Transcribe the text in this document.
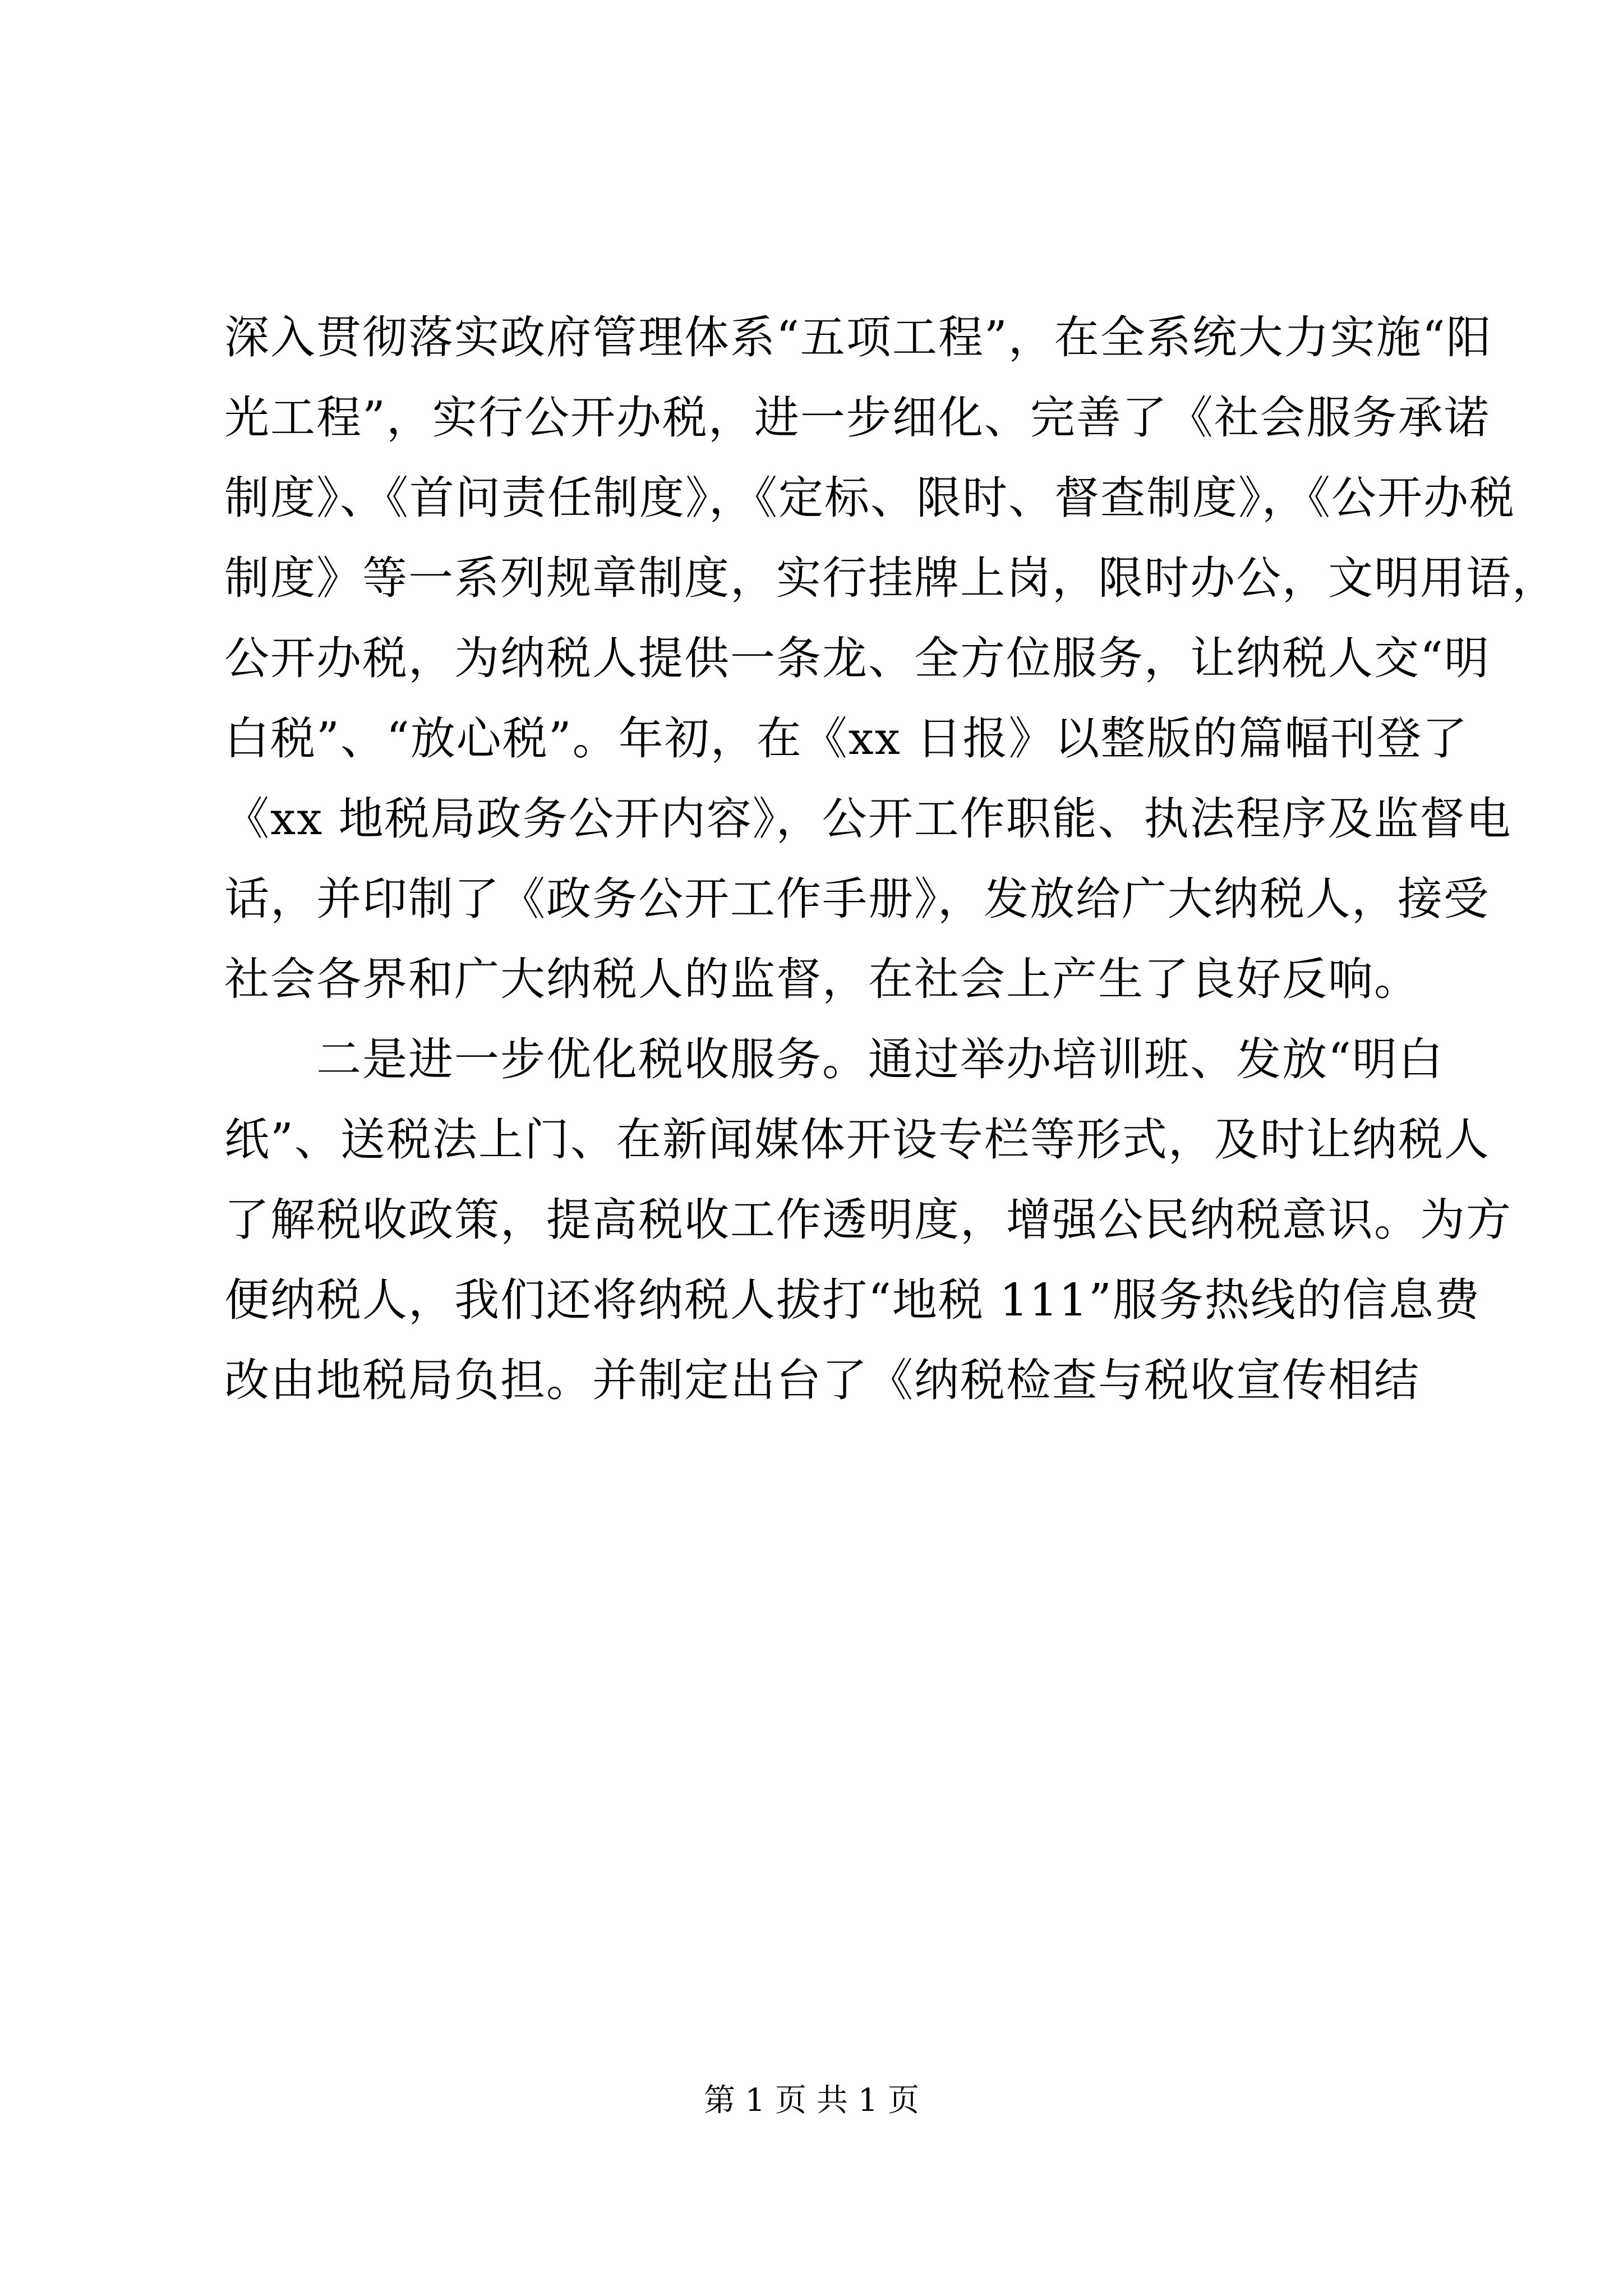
深入贯彻落实政府管理体系“五项工程”，在全系统大力实施“阳
光工程”，实行公开办税，进一步细化、完善了《社会服务承诺
制度》、《首问责任制度》，《定标、限时、督查制度》，《公开办税
制度》等一系列规章制度，实行挂牌上岗，限时办公，文明用语，
公开办税，为纳税人提供一条龙、全方位服务，让纳税人交“明
白税”、“放心税”。年初，在《xx 日报》以整版的篇幅刊登了
《xx 地税局政务公开内容》，公开工作职能、执法程序及监督电
话，并印制了《政务公开工作手册》，发放给广大纳税人，接受
社会各界和广大纳税人的监督，在社会上产生了良好反响。
　　二是进一步优化税收服务。通过举办培训班、发放“明白
纸”、送税法上门、在新闻媒体开设专栏等形式，及时让纳税人
了解税收政策，提高税收工作透明度，增强公民纳税意识。为方
便纳税人，我们还将纳税人拔打“地税 111”服务热线的信息费
改由地税局负担。并制定出台了《纳税检查与税收宣传相结
第 1 页 共 1 页
